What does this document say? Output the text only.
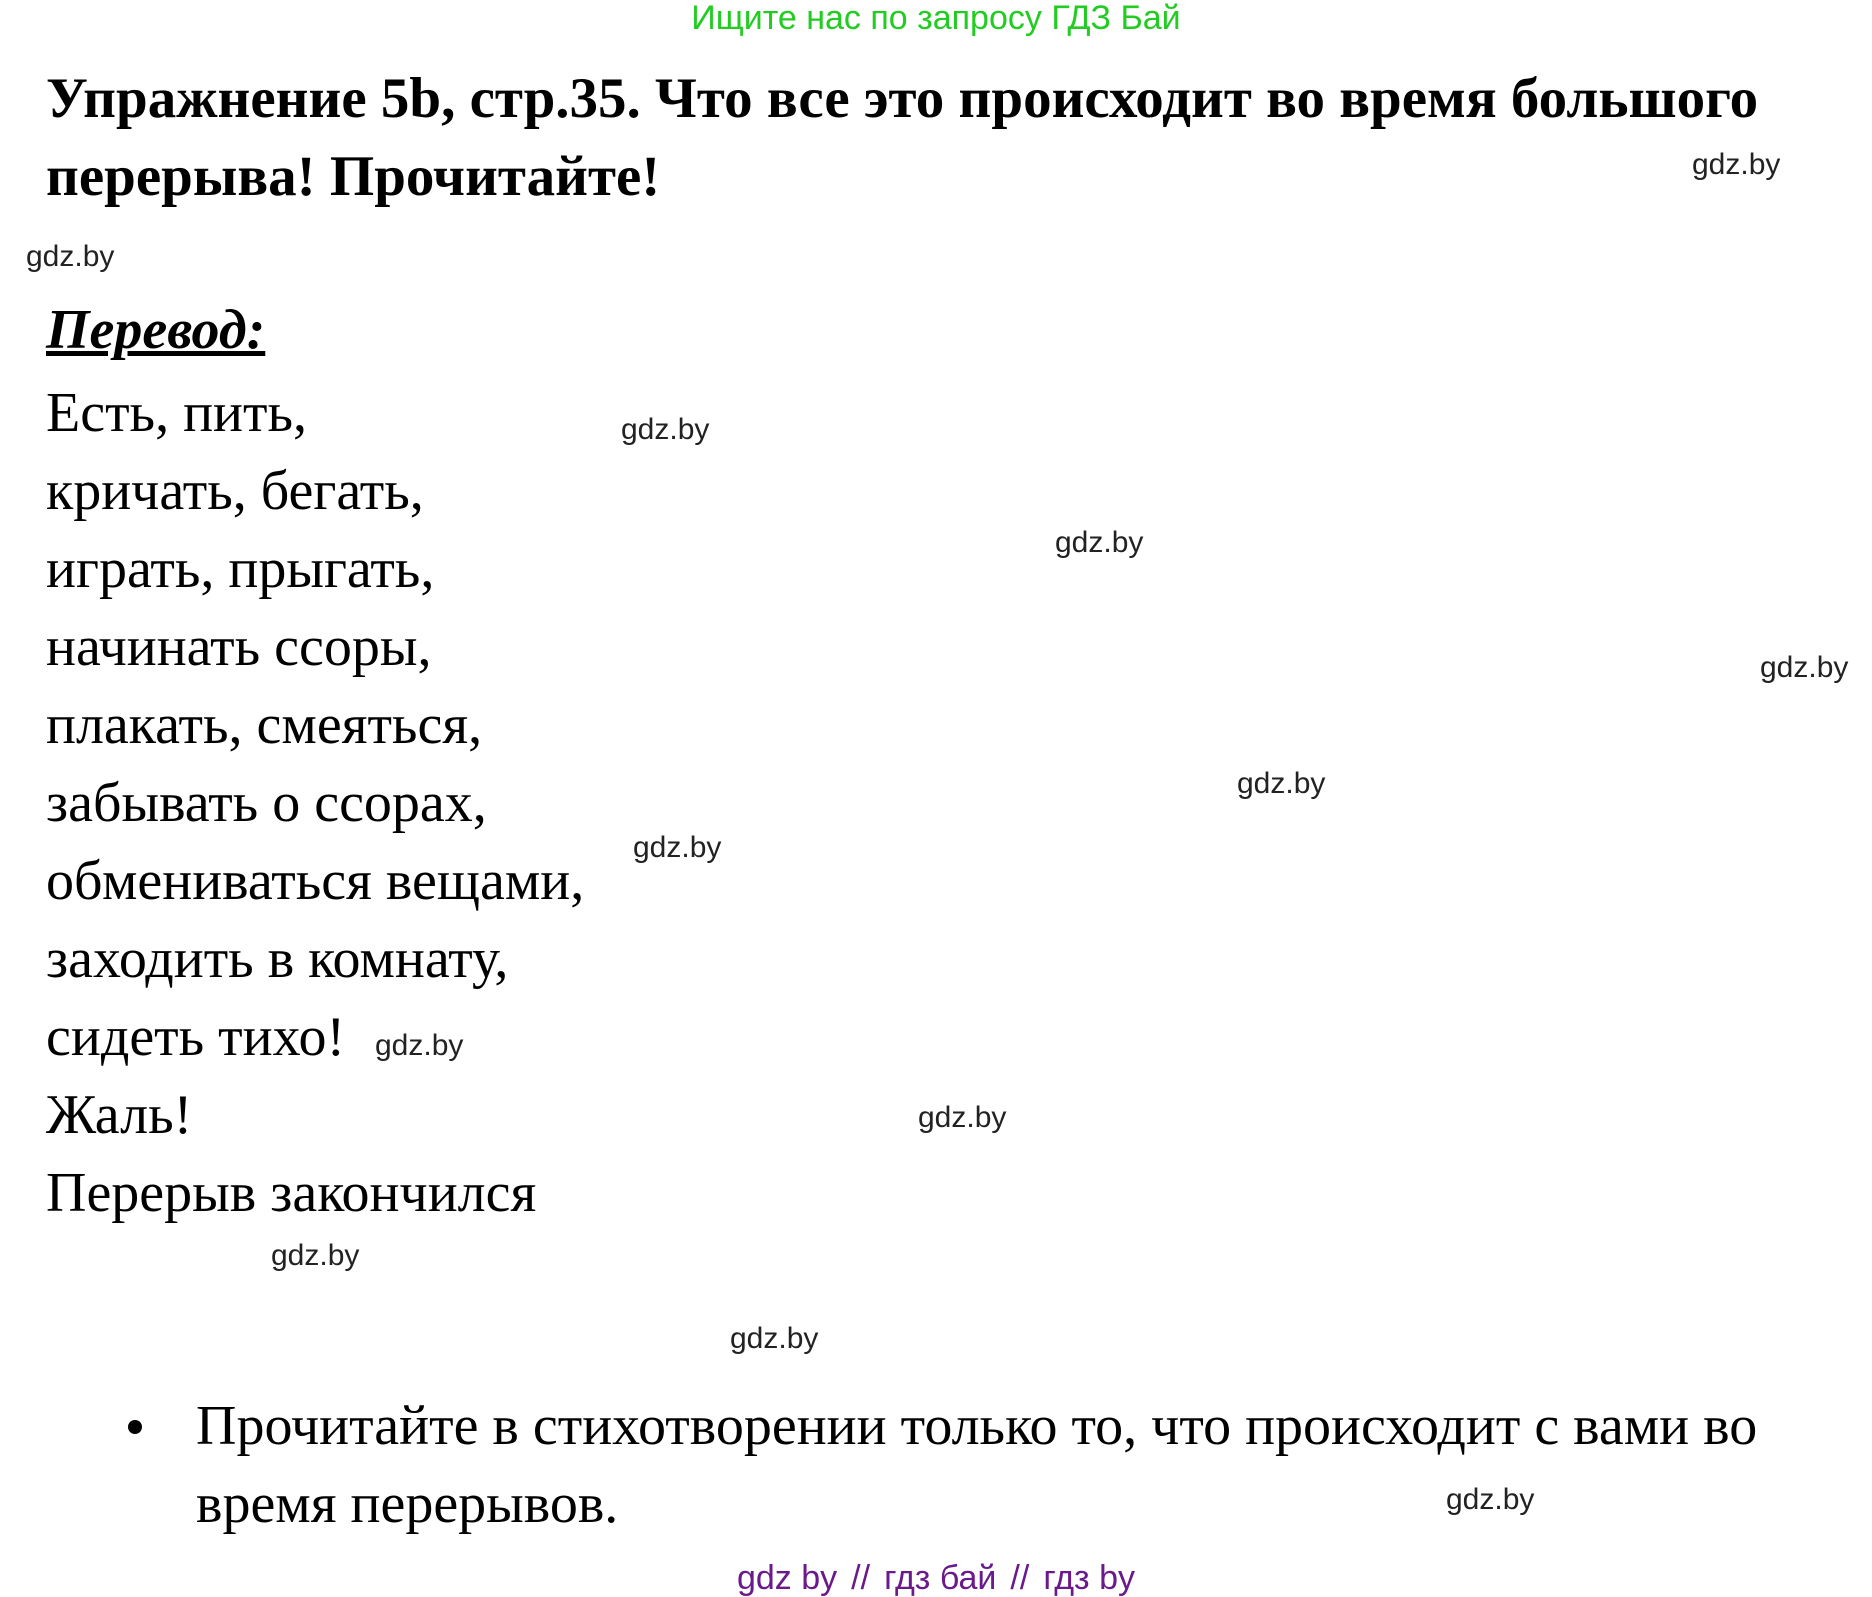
Ищите нас по запросу ГДЗ Бай
Упражнение 5b, стр.35. Что все это происходит во время большого перерыва! Прочитайте!
Перевод:
Есть, пить,
кричать, бегать,
играть, прыгать,
начинать ссоры,
плакать, смеяться,
забывать о ссорах,
обмениваться вещами,
заходить в комнату,
сидеть тихо!
Жаль!
Перерыв закончился
Прочитайте в стихотворении только то, что происходит с вами во время перерывов.
gdz.by
gdz.by
gdz.by
gdz.by
gdz.by
gdz.by
gdz.by
gdz.by
gdz.by
gdz.by
gdz.by
gdz.by
gdz by // гдз бай // гдз by
